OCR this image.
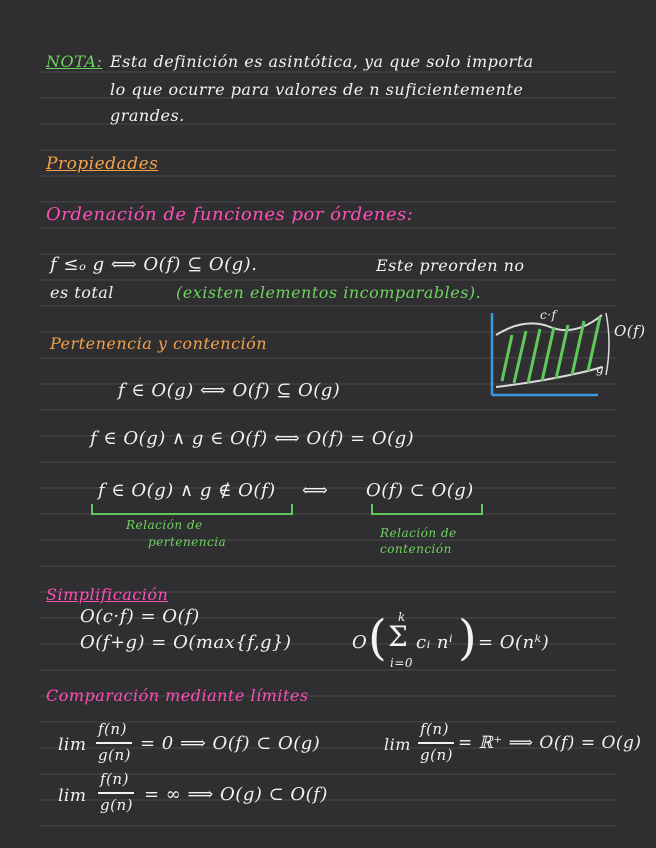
NOTA: Esta definición es asintótica, ya que solo importa
lo que ocurre para valores de n suficientemente
grandes.
Propiedades
Ordenación de funciones por órdenes:
f ≤ₒ g ⟺ O(f) ⊆ O(g).	Este preorden no
es total	(existen elementos incomparables).
Pertenencia y contención
c·f
g
O(f)
f ∈ O(g) ⟺ O(f) ⊆ O(g)
f ∈ O(g) ∧ g ∈ O(f) ⟺ O(f) = O(g)
f ∈ O(g) ∧ g ∉ O(f) ⟺ O(f) ⊂ O(g)
Relación de
pertenencia
Relación de
contención
Simplificación
O(c·f) = O(f)
O(f+g) = O(max{f,g})	O ( Σ
k
i=0
cᵢ nⁱ ) = O(nᵏ)
Comparación mediante límites
lim
f(n)
g(n)
= 0 ⟹ O(f) ⊂ O(g)	lim
f(n)
g(n)
= ℝ⁺ ⟹ O(f) = O(g)
lim
f(n)
g(n) = ∞ ⟹ O(g) ⊂ O(f)
